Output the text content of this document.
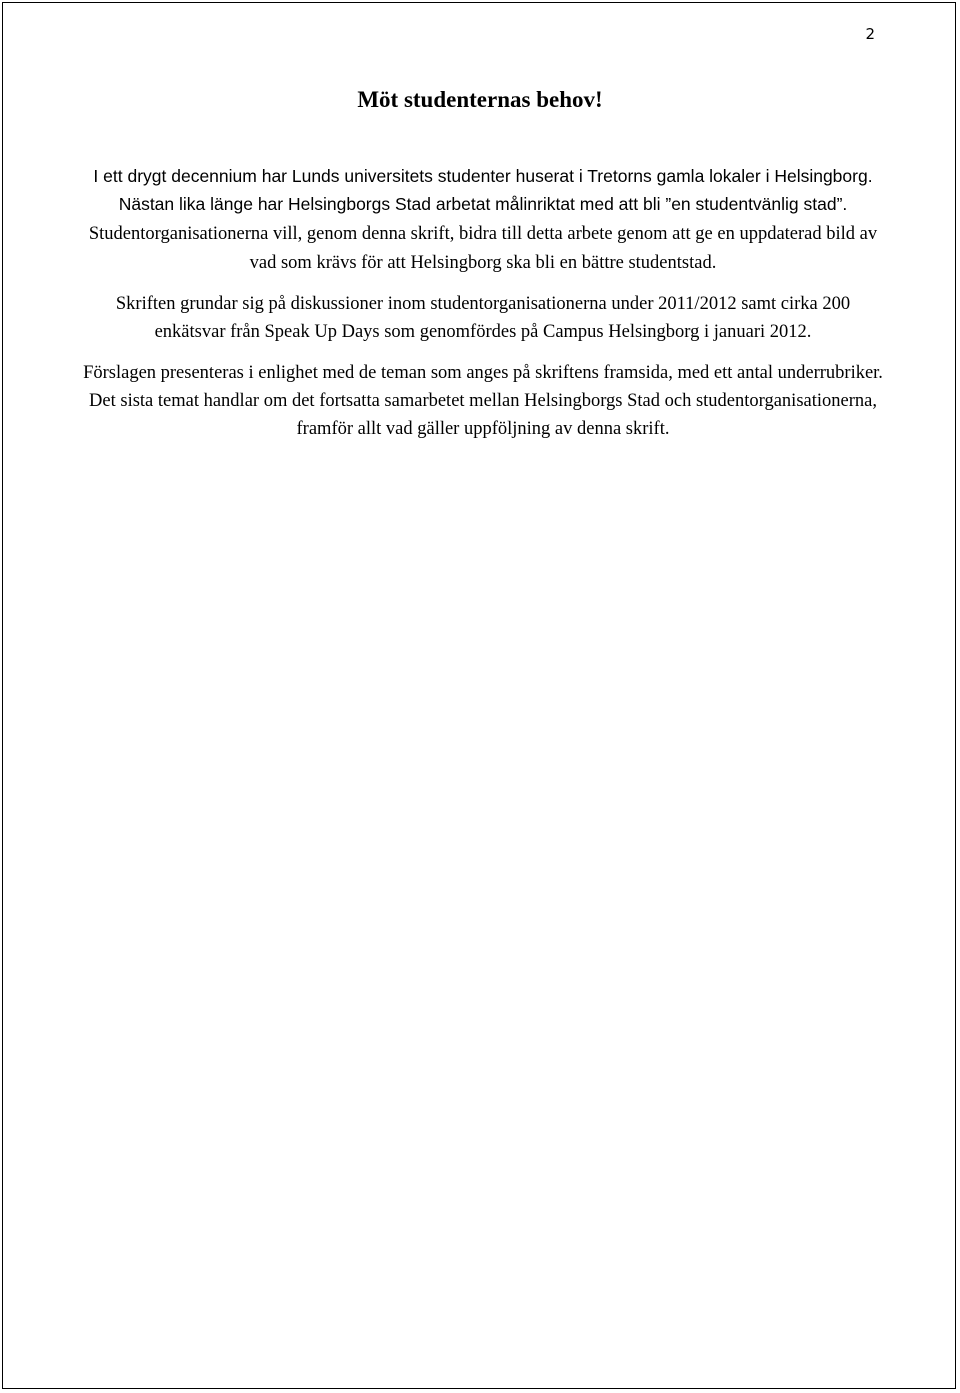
2
Möt studenternas behov!

I ett drygt decennium har Lunds universitets studenter huserat i Tretorns gamla lokaler i Helsingborg. Nästan lika länge har Helsingborgs Stad arbetat målinriktat med att bli ”en studentvänlig stad”. Studentorganisationerna vill, genom denna skrift, bidra till detta arbete genom att ge en uppdaterad bild av vad som krävs för att Helsingborg ska bli en bättre studentstad.

Skriften grundar sig på diskussioner inom studentorganisationerna under 2011/2012 samt cirka 200 enkätsvar från Speak Up Days som genomfördes på Campus Helsingborg i januari 2012.

Förslagen presenteras i enlighet med de teman som anges på skriftens framsida, med ett antal underrubriker. Det sista temat handlar om det fortsatta samarbetet mellan Helsingborgs Stad och studentorganisationerna, framför allt vad gäller uppföljning av denna skrift.
